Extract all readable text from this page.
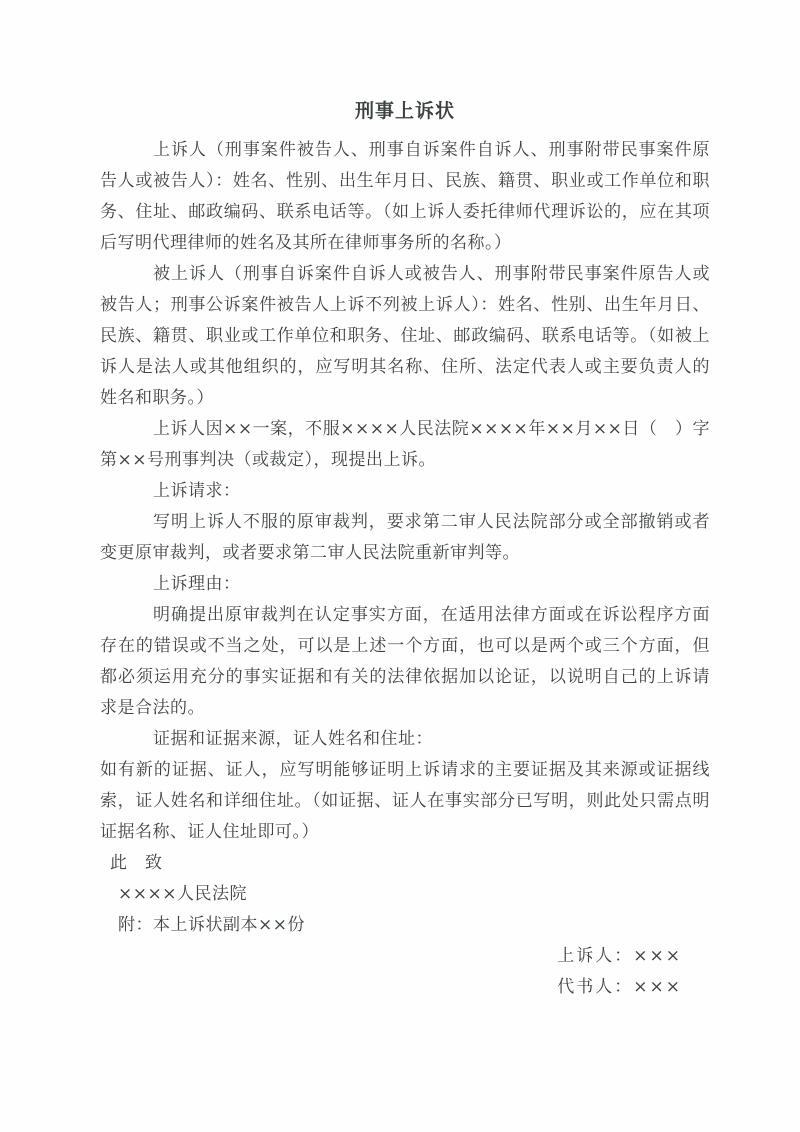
刑事上诉状

上诉人（刑事案件被告人、刑事自诉案件自诉人、刑事附带民事案件原告人或被告人）：姓名、性别、出生年月日、民族、籍贯、职业或工作单位和职务、住址、邮政编码、联系电话等。（如上诉人委托律师代理诉讼的，应在其项后写明代理律师的姓名及其所在律师事务所的名称。）

被上诉人（刑事自诉案件自诉人或被告人、刑事附带民事案件原告人或被告人；刑事公诉案件被告人上诉不列被上诉人）：姓名、性别、出生年月日、民族、籍贯、职业或工作单位和职务、住址、邮政编码、联系电话等。（如被上诉人是法人或其他组织的，应写明其名称、住所、法定代表人或主要负责人的姓名和职务。）

上诉人因××一案，不服××××人民法院××××年××月××日（　）字第××号刑事判决（或裁定），现提出上诉。

上诉请求：

写明上诉人不服的原审裁判，要求第二审人民法院部分或全部撤销或者变更原审裁判，或者要求第二审人民法院重新审判等。

上诉理由：

明确提出原审裁判在认定事实方面，在适用法律方面或在诉讼程序方面存在的错误或不当之处，可以是上述一个方面，也可以是两个或三个方面，但都必须运用充分的事实证据和有关的法律依据加以论证，以说明自己的上诉请求是合法的。

证据和证据来源，证人姓名和住址：

如有新的证据、证人，应写明能够证明上诉请求的主要证据及其来源或证据线索，证人姓名和详细住址。（如证据、证人在事实部分已写明，则此处只需点明证据名称、证人住址即可。）

此　致

××××人民法院

附：本上诉状副本××份

上诉人：×××

代书人：×××
